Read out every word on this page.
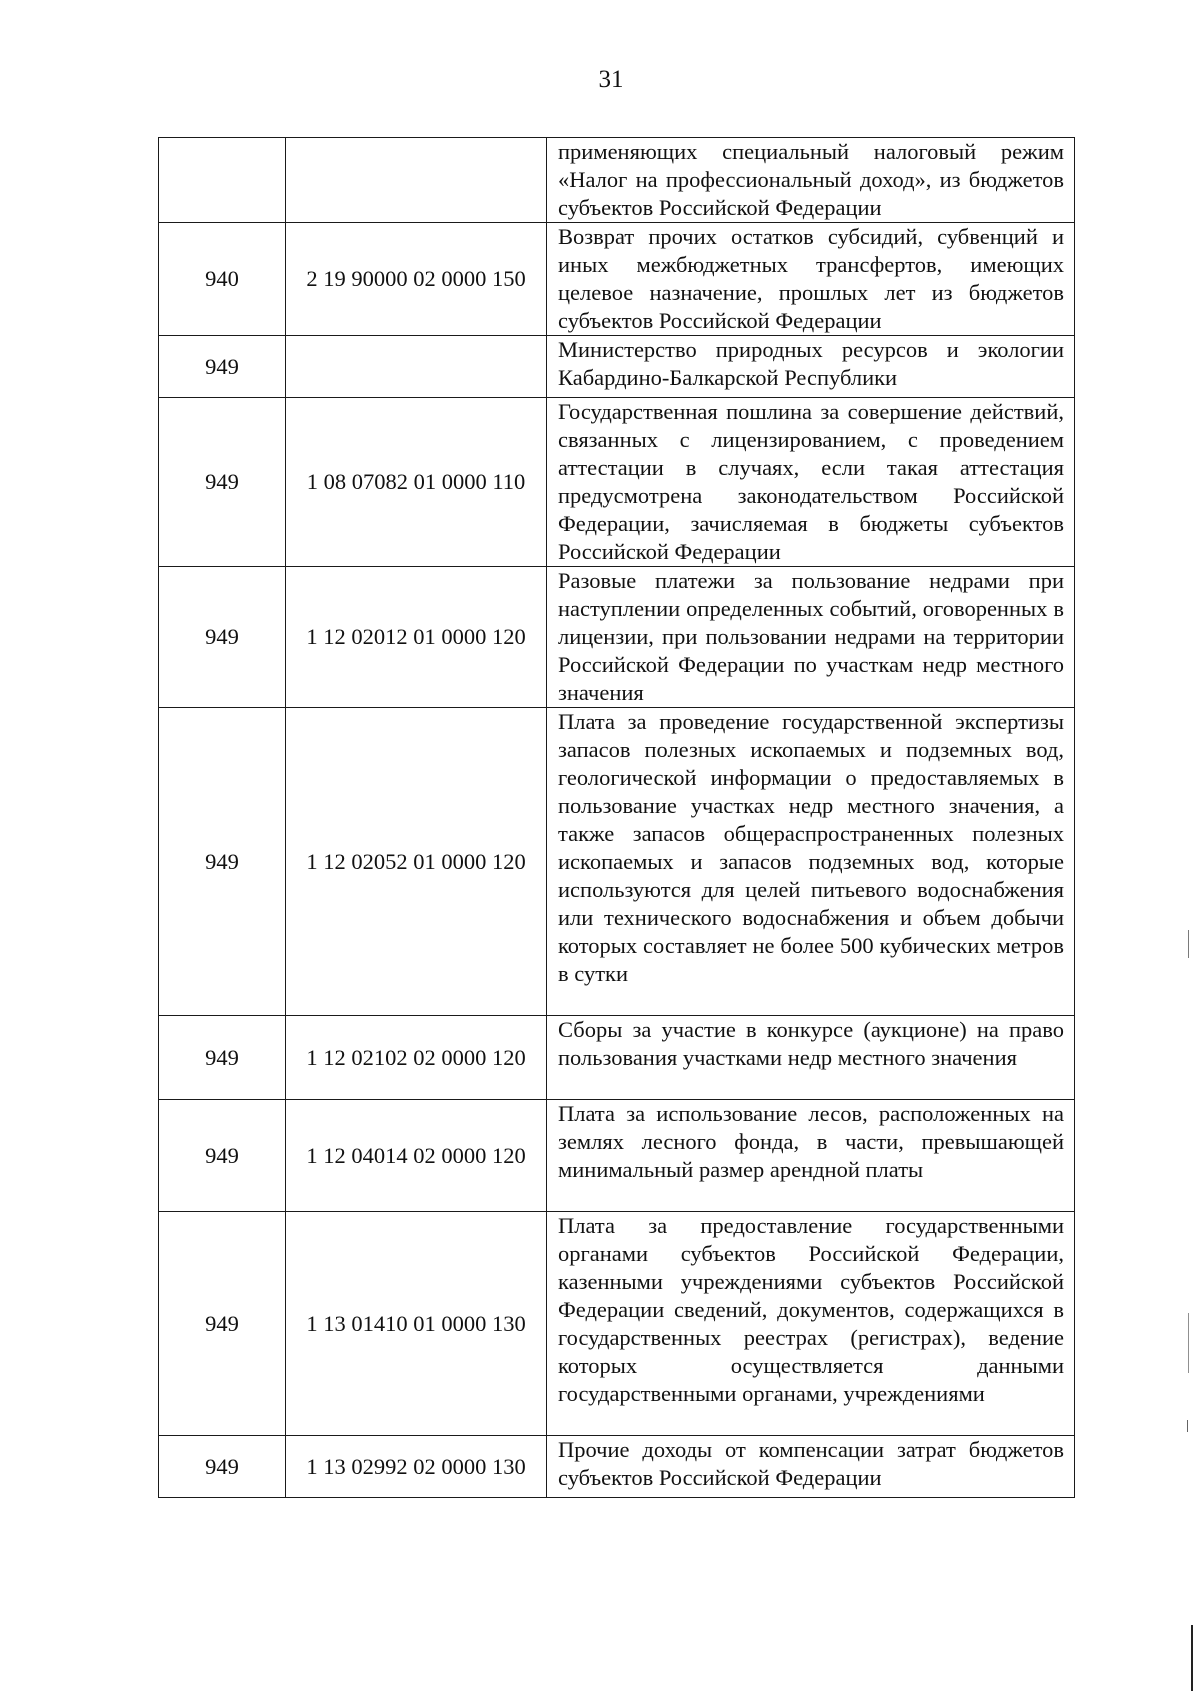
31
		применяющих специальный налоговый режим «Налог на профессиональный доход», из бюджетов субъектов Российской Федерации
940	2 19 90000 02 0000 150	Возврат прочих остатков субсидий, субвенций и иных межбюджетных трансфертов, имеющих целевое назначение, прошлых лет из бюджетов субъектов Российской Федерации
949		Министерство природных ресурсов и экологии Кабардино-Балкарской Республики
949	1 08 07082 01 0000 110	Государственная пошлина за совершение действий, связанных с лицензированием, с проведением аттестации в случаях, если такая аттестация предусмотрена законодательством Российской Федерации, зачисляемая в бюджеты субъектов Российской Федерации
949	1 12 02012 01 0000 120	Разовые платежи за пользование недрами при наступлении определенных событий, оговоренных в лицензии, при пользовании недрами на территории Российской Федерации по участкам недр местного значения
949	1 12 02052 01 0000 120	Плата за проведение государственной экспертизы запасов полезных ископаемых и подземных вод, геологической информации о предоставляемых в пользование участках недр местного значения, а также запасов общераспространенных полезных ископаемых и запасов подземных вод, которые используются для целей питьевого водоснабжения или технического водоснабжения и объем добычи которых составляет не более 500 кубических метров в сутки
949	1 12 02102 02 0000 120	Сборы за участие в конкурсе (аукционе) на право пользования участками недр местного значения
949	1 12 04014 02 0000 120	Плата за использование лесов, расположенных на землях лесного фонда, в части, превышающей минимальный размер арендной платы
949	1 13 01410 01 0000 130	Плата за предоставление государственными органами субъектов Российской Федерации, казенными учреждениями субъектов Российской Федерации сведений, документов, содержащихся в государственных реестрах (регистрах), ведение которых осуществляется данными государственными органами, учреждениями
949	1 13 02992 02 0000 130	Прочие доходы от компенсации затрат бюджетов субъектов Российской Федерации
